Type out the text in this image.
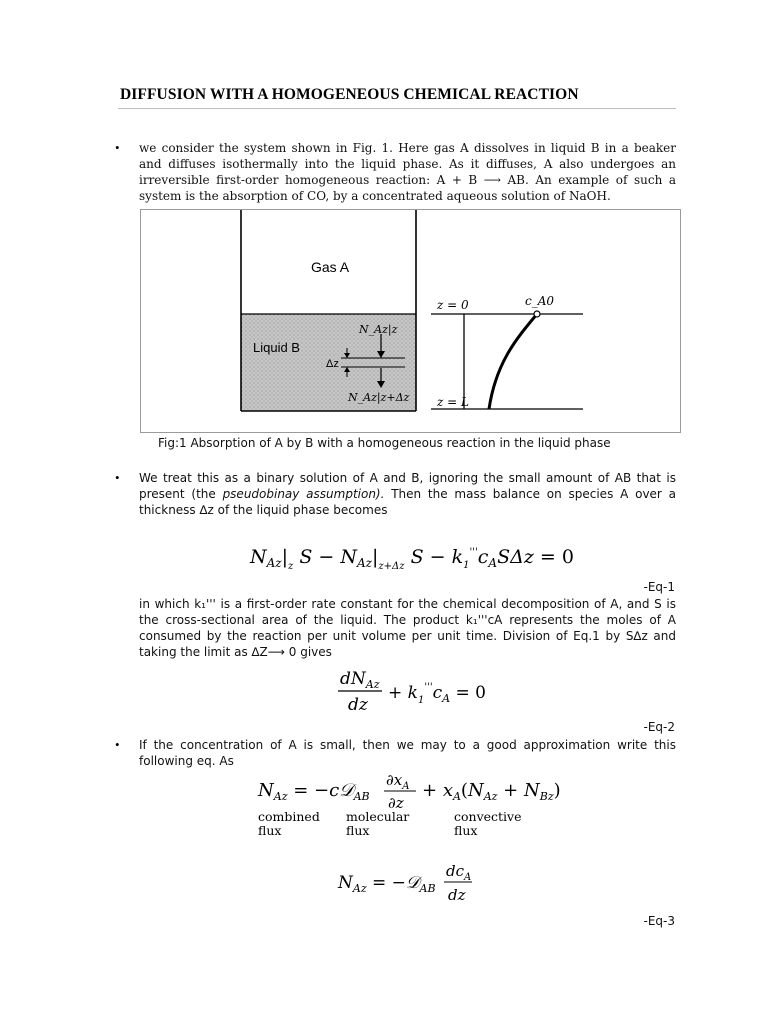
DIFFUSION WITH A HOMOGENEOUS CHEMICAL REACTION
• we consider the system shown in Fig. 1. Here gas A dissolves in liquid B in a beaker and diffuses isothermally into the liquid phase. As it diffuses, A also undergoes an irreversible first-order homogeneous reaction: A + B ⟶ AB. An example of such a system is the absorption of CO, by a concentrated aqueous solution of NaOH.
Gas A
Liquid B
Δz
N_Az|z
N_Az|z+Δz
z = 0
z = L
c_A0
Fig:1 Absorption of A by B with a homogeneous reaction in the liquid phase
• We treat this as a binary solution of A and B, ignoring the small amount of AB that is present (the pseudobinay assumption). Then the mass balance on species A over a thickness ∆z of the liquid phase becomes
$N_{Az}|_z$ $S - N_{Az}|_{z+\Delta z}$ $S - k_1'''c_AS\Delta z = 0$
-Eq-1
in which k₁''' is a first-order rate constant for the chemical decomposition of A, and S is the cross-sectional area of the liquid. The product k₁'''cA represents the moles of A consumed by the reaction per unit volume per unit time. Division of Eq.1 by S∆z and taking the limit as ∆Z⟶ 0 gives
$dN_{Az}$
dz
+ $k_1'''c_A = 0$
-Eq-2
• If the concentration of A is small, then we may to a good approximation write this following eq. As
$N_{Az}$ = −c𝒟$_{AB}$
$\partial x_A$
∂z
+ $x_A(N_{Az} + N_{Bz})$
combined
flux
molecular
flux
convective
flux
$N_{Az}$ = −𝒟$_{AB}$
$dc_A$
dz
-Eq-3
